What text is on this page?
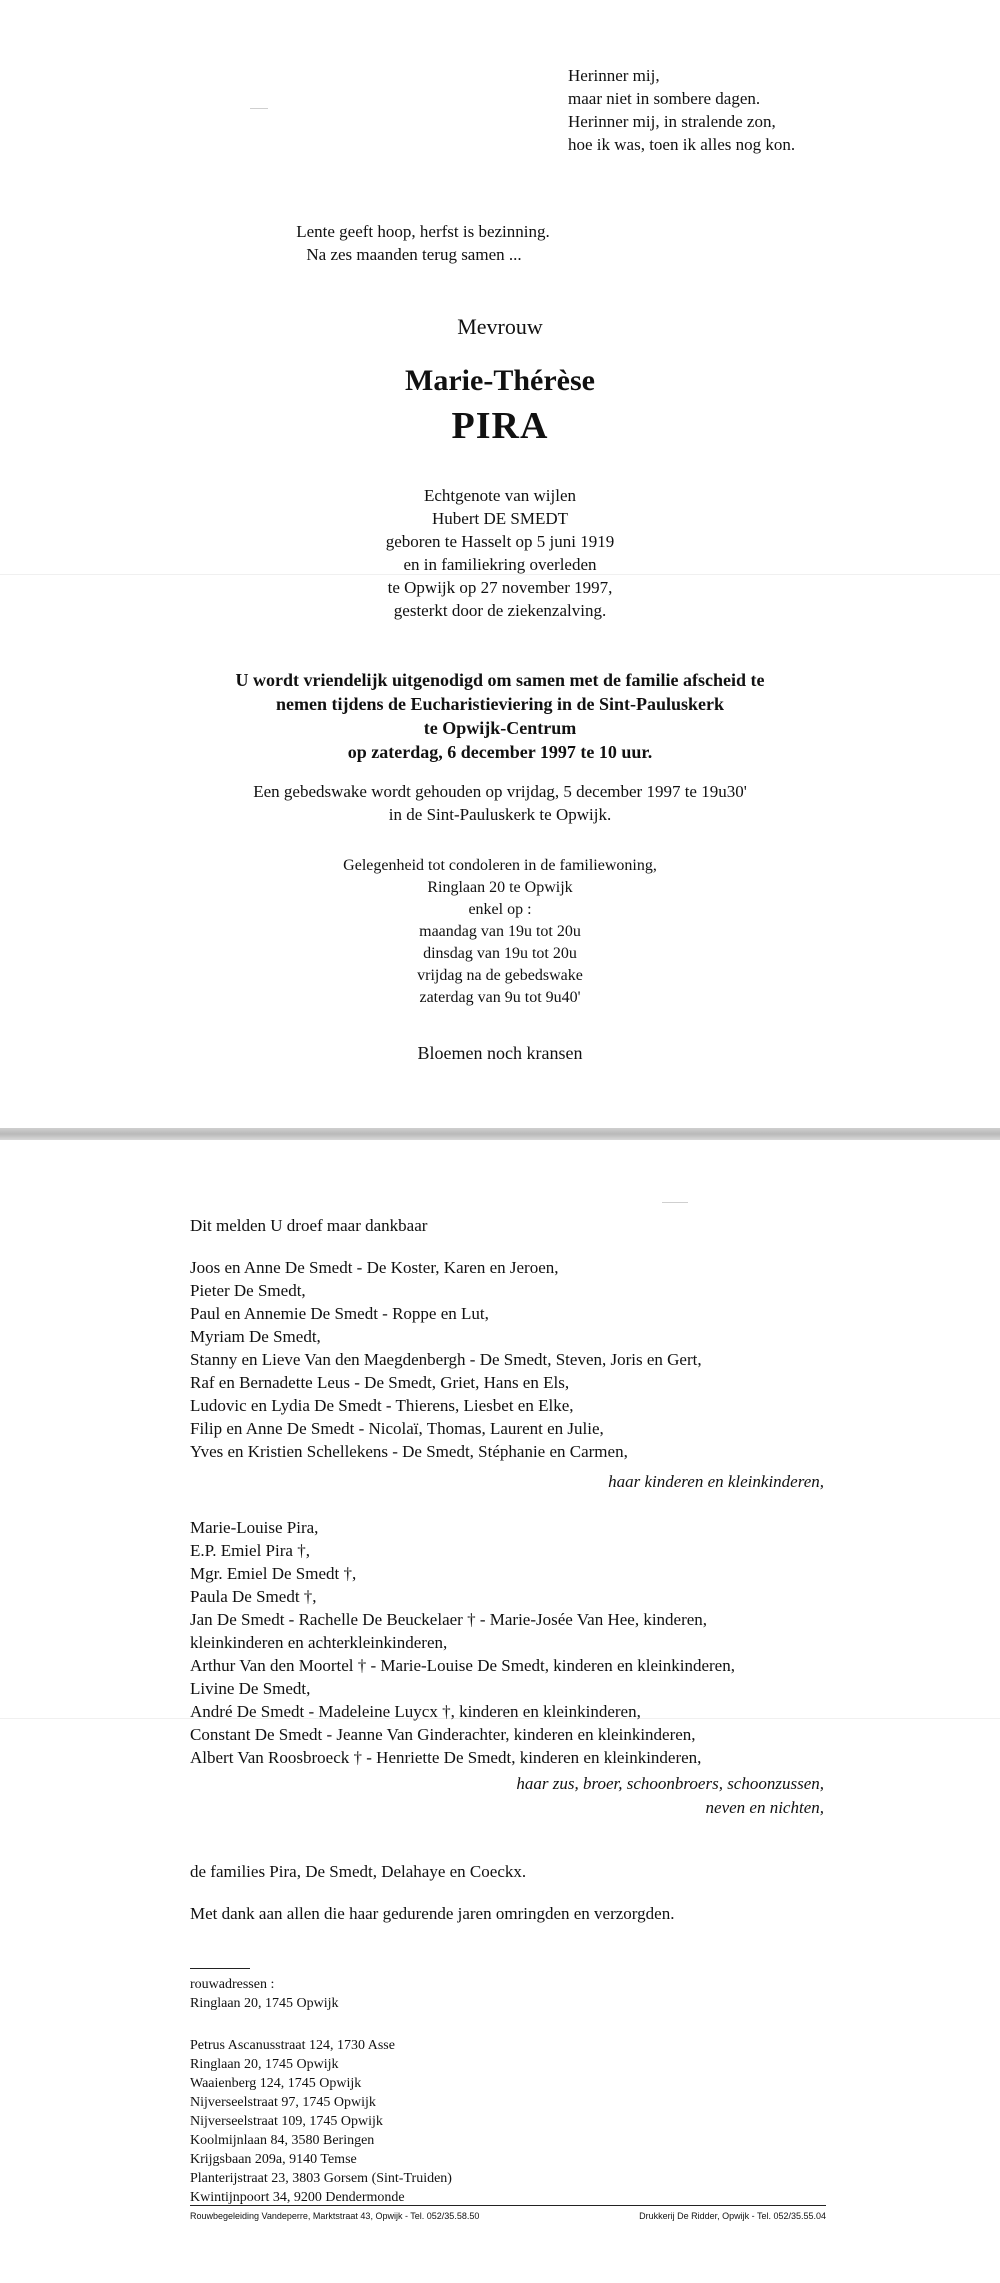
Herinner mij,
maar niet in sombere dagen.
Herinner mij, in stralende zon,
hoe ik was, toen ik alles nog kon.
Lente geeft hoop, herfst is bezinning.
Na zes maanden terug samen ...
Mevrouw
Marie-Thérèse
PIRA
Echtgenote van wijlen
Hubert DE SMEDT
geboren te Hasselt op 5 juni 1919
en in familiekring overleden
te Opwijk op 27 november 1997,
gesterkt door de ziekenzalving.
U wordt vriendelijk uitgenodigd om samen met de familie afscheid te
nemen tijdens de Eucharistieviering in de Sint-Pauluskerk
te Opwijk-Centrum
op zaterdag, 6 december 1997 te 10 uur.
Een gebedswake wordt gehouden op vrijdag, 5 december 1997 te 19u30'
in de Sint-Pauluskerk te Opwijk.
Gelegenheid tot condoleren in de familiewoning,
Ringlaan 20 te Opwijk
enkel op :
maandag van 19u tot 20u
dinsdag van 19u tot 20u
vrijdag na de gebedswake
zaterdag van 9u tot 9u40'
Bloemen noch kransen
Dit melden U droef maar dankbaar
Joos en Anne De Smedt - De Koster, Karen en Jeroen,
Pieter De Smedt,
Paul en Annemie De Smedt - Roppe en Lut,
Myriam De Smedt,
Stanny en Lieve Van den Maegdenbergh - De Smedt, Steven, Joris en Gert,
Raf en Bernadette Leus - De Smedt, Griet, Hans en Els,
Ludovic en Lydia De Smedt - Thierens, Liesbet en Elke,
Filip en Anne De Smedt - Nicolaï, Thomas, Laurent en Julie,
Yves en Kristien Schellekens - De Smedt, Stéphanie en Carmen,
haar kinderen en kleinkinderen,
Marie-Louise Pira,
E.P. Emiel Pira †,
Mgr. Emiel De Smedt †,
Paula De Smedt †,
Jan De Smedt - Rachelle De Beuckelaer † - Marie-Josée Van Hee, kinderen,
kleinkinderen en achterkleinkinderen,
Arthur Van den Moortel † - Marie-Louise De Smedt, kinderen en kleinkinderen,
Livine De Smedt,
André De Smedt - Madeleine Luycx †, kinderen en kleinkinderen,
Constant De Smedt - Jeanne Van Ginderachter, kinderen en kleinkinderen,
Albert Van Roosbroeck † - Henriette De Smedt, kinderen en kleinkinderen,
haar zus, broer, schoonbroers, schoonzussen,
neven en nichten,
de families Pira, De Smedt, Delahaye en Coeckx.
Met dank aan allen die haar gedurende jaren omringden en verzorgden.
rouwadressen :
Ringlaan 20, 1745 Opwijk
Petrus Ascanusstraat 124, 1730 Asse
Ringlaan 20, 1745 Opwijk
Waaienberg 124, 1745 Opwijk
Nijverseelstraat 97, 1745 Opwijk
Nijverseelstraat 109, 1745 Opwijk
Koolmijnlaan 84, 3580 Beringen
Krijgsbaan 209a, 9140 Temse
Planterijstraat 23, 3803 Gorsem (Sint-Truiden)
Kwintijnpoort 34, 9200 Dendermonde
Rouwbegeleiding Vandeperre, Marktstraat 43, Opwijk - Tel. 052/35.58.50	Drukkerij De Ridder, Opwijk - Tel. 052/35.55.04
